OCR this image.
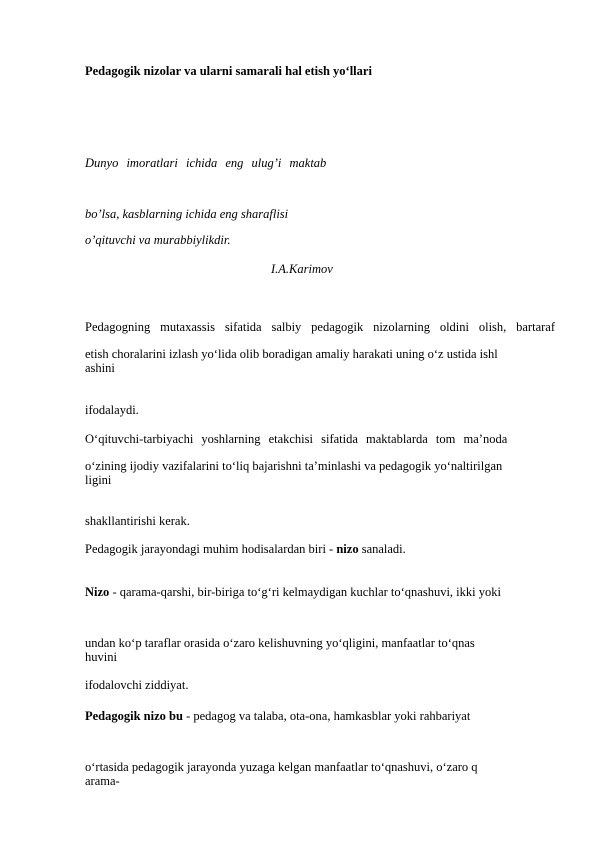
Pedagogik nizolar va ularni samarali hal etish yo‘llari
Dunyo imoratlari ichida eng ulug’i maktab
bo’lsa, kasblarning ichida eng sharaflisi
o’qituvchi va murabbiylikdir.
I.A.Karimov
Pedagogning mutaxassis sifatida salbiy pedagogik nizolarning oldini olish, bartaraf
etish choralarini izlash yo‘lida olib boradigan amaliy harakati uning o‘z ustida ishl
ashini
ifodalaydi.
O‘qituvchi-tarbiyachi yoshlarning etakchisi sifatida maktablarda tom ma’noda
o‘zining ijodiy vazifalarini to‘liq bajarishni ta’minlashi va pedagogik yo‘naltirilgan
ligini
shakllantirishi kerak.
Pedagogik jarayondagi muhim hodisalardan biri - nizo sanaladi.
Nizo - qarama-qarshi, bir-biriga to‘g‘ri kelmaydigan kuchlar to‘qnashuvi, ikki yoki
undan ko‘p taraflar orasida o‘zaro kelishuvning yo‘qligini, manfaatlar to‘qnas
huvini
ifodalovchi ziddiyat.
Pedagogik nizo bu - pedagog va talaba, ota-ona, hamkasblar yoki rahbariyat
o‘rtasida pedagogik jarayonda yuzaga kelgan manfaatlar to‘qnashuvi, o‘zaro q
arama-
